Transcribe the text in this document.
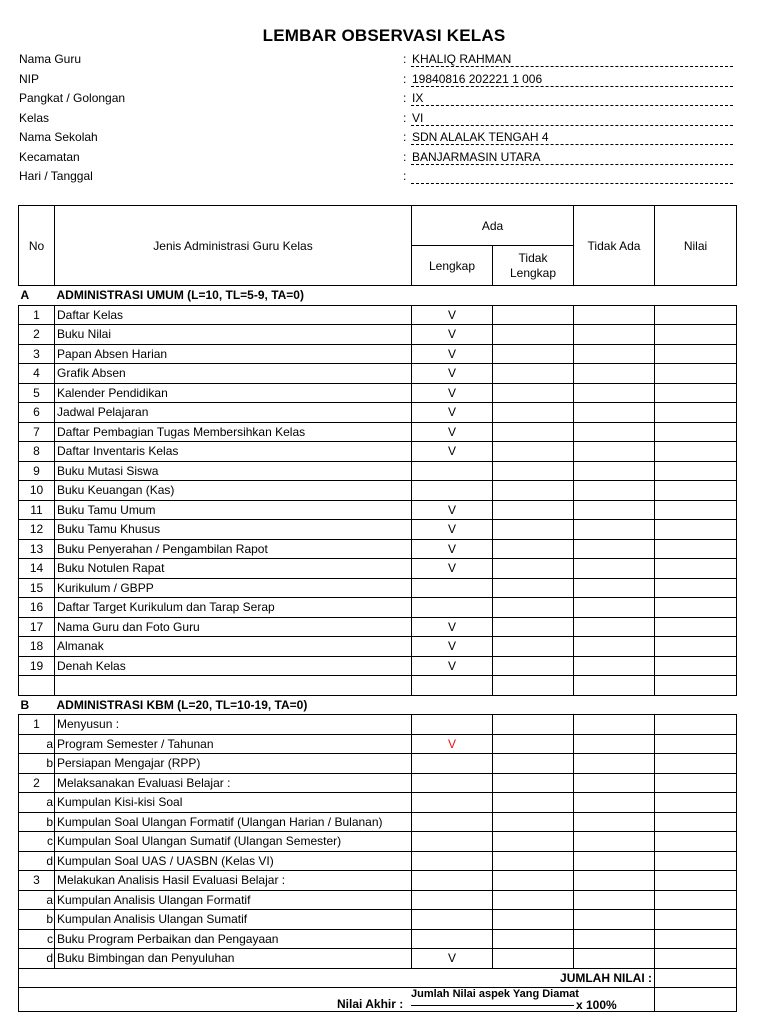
LEMBAR OBSERVASI KELAS
Nama Guru	: KHALIQ RAHMAN
NIP	: 19840816 202221 1 006
Pangkat / Golongan	: IX
Kelas	: VI
Nama Sekolah	: SDN ALALAK TENGAH 4
Kecamatan	: BANJARMASIN UTARA
Hari / Tanggal	:
No	Jenis Administrasi Guru Kelas	Ada		Tidak Ada	Nilai
		Lengkap	Tidak Lengkap		
A	ADMINISTRASI UMUM (L=10, TL=5-9, TA=0)				
1	Daftar Kelas	V			
2	Buku Nilai	V			
3	Papan Absen Harian	V			
4	Grafik Absen	V			
5	Kalender Pendidikan	V			
6	Jadwal Pelajaran	V			
7	Daftar Pembagian Tugas Membersihkan Kelas	V			
8	Daftar Inventaris Kelas	V			
9	Buku Mutasi Siswa				
10	Buku Keuangan (Kas)				
11	Buku Tamu Umum	V			
12	Buku Tamu Khusus	V			
13	Buku Penyerahan / Pengambilan Rapot	V			
14	Buku Notulen Rapat	V			
15	Kurikulum / GBPP				
16	Daftar Target Kurikulum dan Tarap Serap				
17	Nama Guru dan Foto Guru	V			
18	Almanak	V			
19	Denah Kelas	V			

B	ADMINISTRASI KBM (L=20, TL=10-19, TA=0)				
1	Menyusun :				
a	Program Semester / Tahunan	V			
b	Persiapan Mengajar (RPP)				
2	Melaksanakan Evaluasi Belajar :				
a	Kumpulan Kisi-kisi Soal				
b	Kumpulan Soal Ulangan Formatif (Ulangan Harian / Bulanan)				
c	Kumpulan Soal Ulangan Sumatif (Ulangan Semester)				
d	Kumpulan Soal UAS / UASBN (Kelas VI)				
3	Melakukan Analisis Hasil Evaluasi Belajar :				
a	Kumpulan Analisis Ulangan Formatif				
b	Kumpulan Analisis Ulangan Sumatif				
c	Buku Program Perbaikan dan Pengayaan				
d	Buku Bimbingan dan Penyuluhan	V			
JUMLAH NILAI :					

Nilai Akhir :
Jumlah Nilai aspek Yang Diamat
x 100%					
